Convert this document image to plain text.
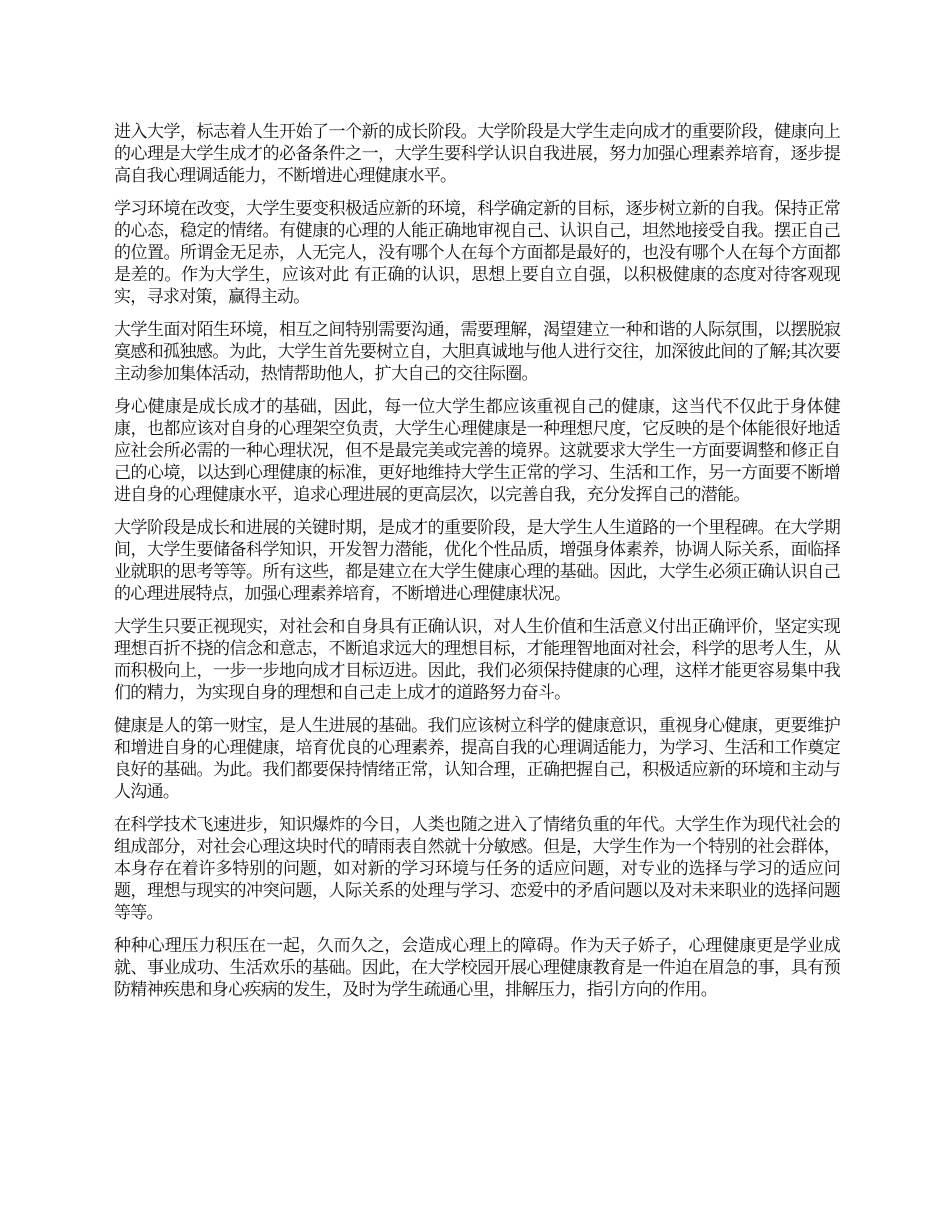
进入大学，标志着人生开始了一个新的成长阶段。大学阶段是大学生走向成才的重要阶段，健康向上的心理是大学生成才的必备条件之一，大学生要科学认识自我进展，努力加强心理素养培育，逐步提高自我心理调适能力，不断增进心理健康水平。

学习环境在改变，大学生要变积极适应新的环境，科学确定新的目标，逐步树立新的自我。保持正常的心态，稳定的情绪。有健康的心理的人能正确地审视自己、认识自己，坦然地接受自我。摆正自己的位置。所谓金无足赤，人无完人，没有哪个人在每个方面都是最好的，也没有哪个人在每个方面都是差的。作为大学生，应该对此 有正确的认识，思想上要自立自强，以积极健康的态度对待客观现实，寻求对策，赢得主动。

大学生面对陌生环境，相互之间特别需要沟通，需要理解，渴望建立一种和谐的人际氛围，以摆脱寂寞感和孤独感。为此，大学生首先要树立自，大胆真诚地与他人进行交往，加深彼此间的了解;其次要主动参加集体活动，热情帮助他人，扩大自己的交往际圈。

身心健康是成长成才的基础，因此，每一位大学生都应该重视自己的健康，这当代不仅此于身体健康，也都应该对自身的心理架空负责，大学生心理健康是一种理想尺度，它反映的是个体能很好地适应社会所必需的一种心理状况，但不是最完美或完善的境界。这就要求大学生一方面要调整和修正自己的心境，以达到心理健康的标准，更好地维持大学生正常的学习、生活和工作，另一方面要不断增进自身的心理健康水平，追求心理进展的更高层次，以完善自我，充分发挥自己的潜能。

大学阶段是成长和进展的关键时期，是成才的重要阶段，是大学生人生道路的一个里程碑。在大学期间，大学生要储备科学知识，开发智力潜能，优化个性品质，增强身体素养，协调人际关系，面临择业就职的思考等等。所有这些，都是建立在大学生健康心理的基础。因此，大学生必须正确认识自己的心理进展特点，加强心理素养培育，不断增进心理健康状况。

大学生只要正视现实，对社会和自身具有正确认识，对人生价值和生活意义付出正确评价，坚定实现理想百折不挠的信念和意志，不断追求远大的理想目标，才能理智地面对社会，科学的思考人生，从而积极向上，一步一步地向成才目标迈进。因此，我们必须保持健康的心理，这样才能更容易集中我们的精力，为实现自身的理想和自己走上成才的道路努力奋斗。

健康是人的第一财宝，是人生进展的基础。我们应该树立科学的健康意识，重视身心健康，更要维护和增进自身的心理健康，培育优良的心理素养，提高自我的心理调适能力，为学习、生活和工作奠定良好的基础。为此。我们都要保持情绪正常，认知合理，正确把握自己，积极适应新的环境和主动与人沟通。

在科学技术飞速进步，知识爆炸的今日，人类也随之进入了情绪负重的年代。大学生作为现代社会的组成部分，对社会心理这块时代的晴雨表自然就十分敏感。但是，大学生作为一个特别的社会群体，本身存在着许多特别的问题，如对新的学习环境与任务的适应问题，对专业的选择与学习的适应问题，理想与现实的冲突问题，人际关系的处理与学习、恋爱中的矛盾问题以及对未来职业的选择问题等等。

种种心理压力积压在一起，久而久之，会造成心理上的障碍。作为天子娇子，心理健康更是学业成就、事业成功、生活欢乐的基础。因此，在大学校园开展心理健康教育是一件迫在眉急的事，具有预防精神疾患和身心疾病的发生，及时为学生疏通心里，排解压力，指引方向的作用。
